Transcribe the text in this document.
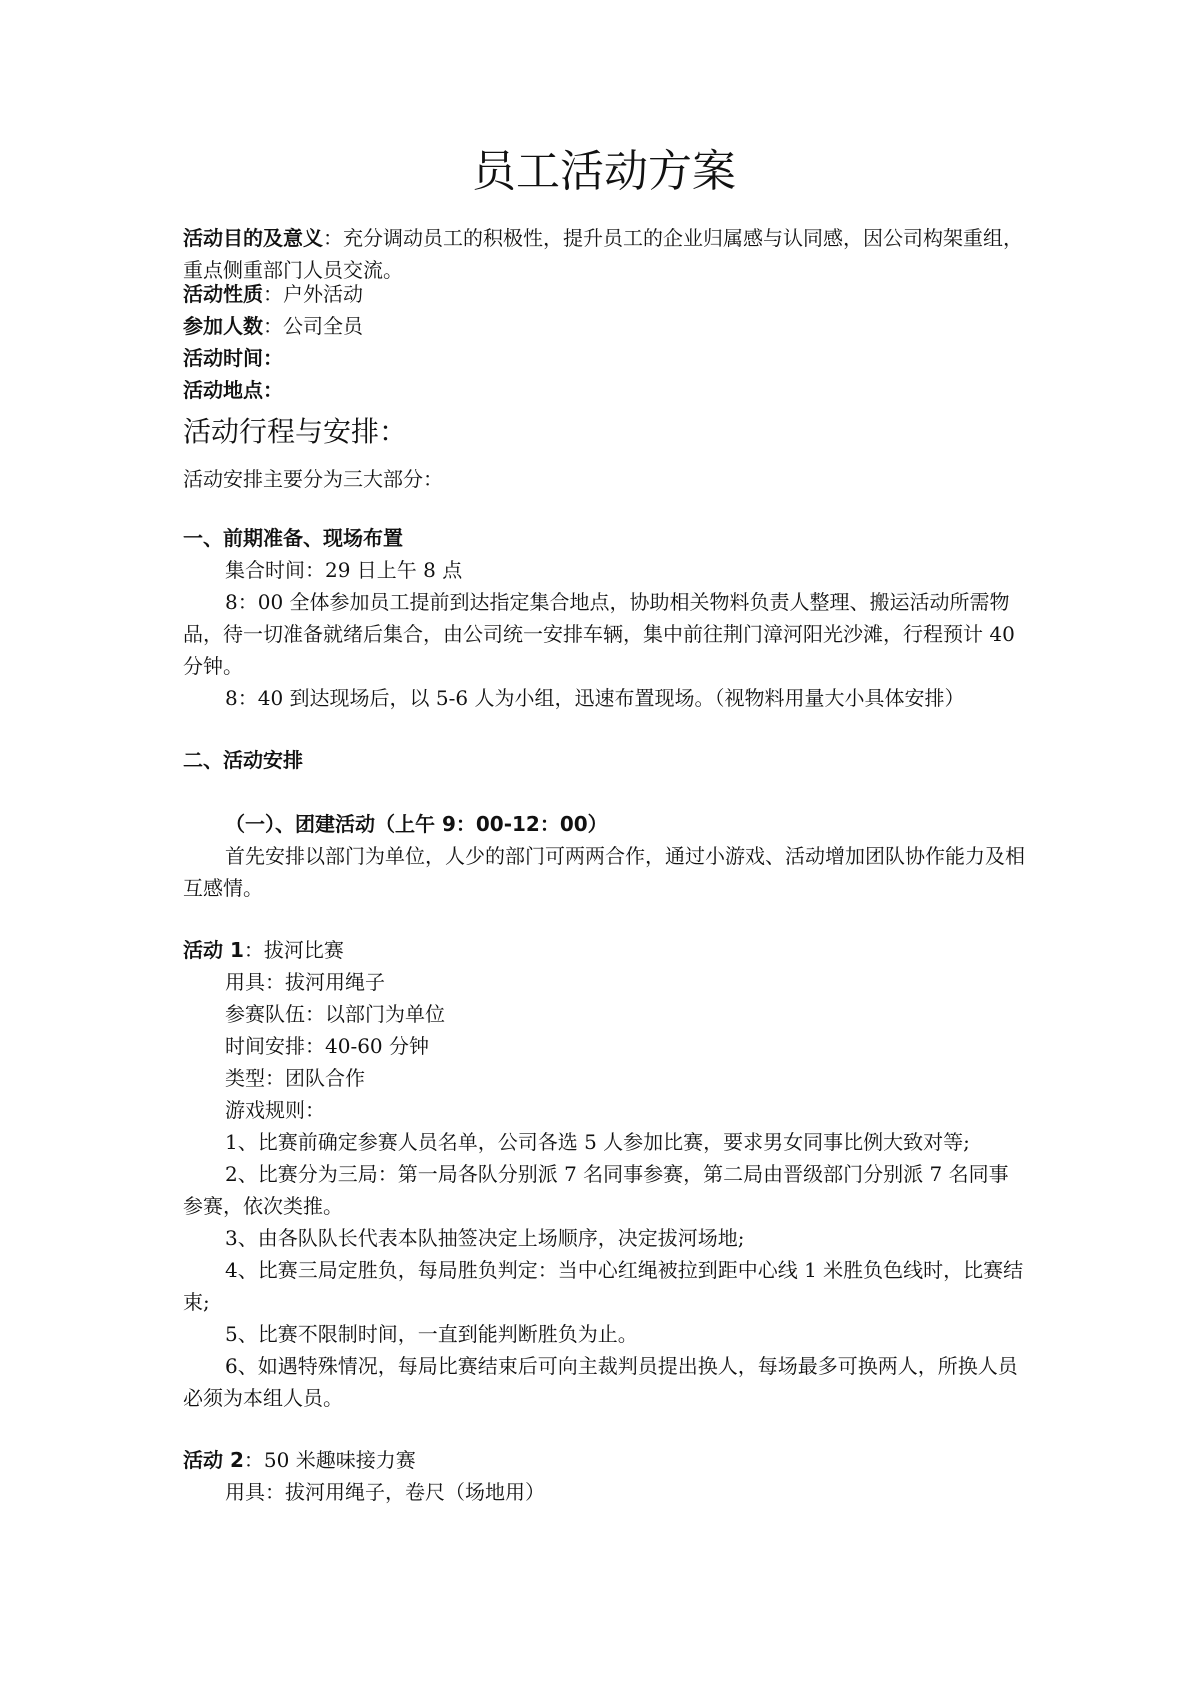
员工活动方案
活动目的及意义：充分调动员工的积极性，提升员工的企业归属感与认同感，因公司构架重组，重点侧重部门人员交流。
活动性质：户外活动
参加人数：公司全员
活动时间：
活动地点：
活动行程与安排：
活动安排主要分为三大部分：
一、前期准备、现场布置
集合时间：29 日上午 8 点
8：00 全体参加员工提前到达指定集合地点，协助相关物料负责人整理、搬运活动所需物品，待一切准备就绪后集合，由公司统一安排车辆，集中前往荆门漳河阳光沙滩，行程预计 40 分钟。
8：40 到达现场后，以 5-6 人为小组，迅速布置现场。（视物料用量大小具体安排）
二、活动安排
（一）、团建活动（上午 9：00-12：00）
首先安排以部门为单位，人少的部门可两两合作，通过小游戏、活动增加团队协作能力及相互感情。
活动 1：拔河比赛
用具：拔河用绳子
参赛队伍：以部门为单位
时间安排：40-60 分钟
类型：团队合作
游戏规则：
1、比赛前确定参赛人员名单，公司各选 5 人参加比赛，要求男女同事比例大致对等;
2、比赛分为三局：第一局各队分别派 7 名同事参赛，第二局由晋级部门分别派 7 名同事参赛，依次类推。
3、由各队队长代表本队抽签决定上场顺序，决定拔河场地;
4、比赛三局定胜负，每局胜负判定：当中心红绳被拉到距中心线 1 米胜负色线时，比赛结束;
5、比赛不限制时间，一直到能判断胜负为止。
6、如遇特殊情况，每局比赛结束后可向主裁判员提出换人，每场最多可换两人，所换人员必须为本组人员。
活动 2：50 米趣味接力赛
用具：拔河用绳子，卷尺（场地用）
